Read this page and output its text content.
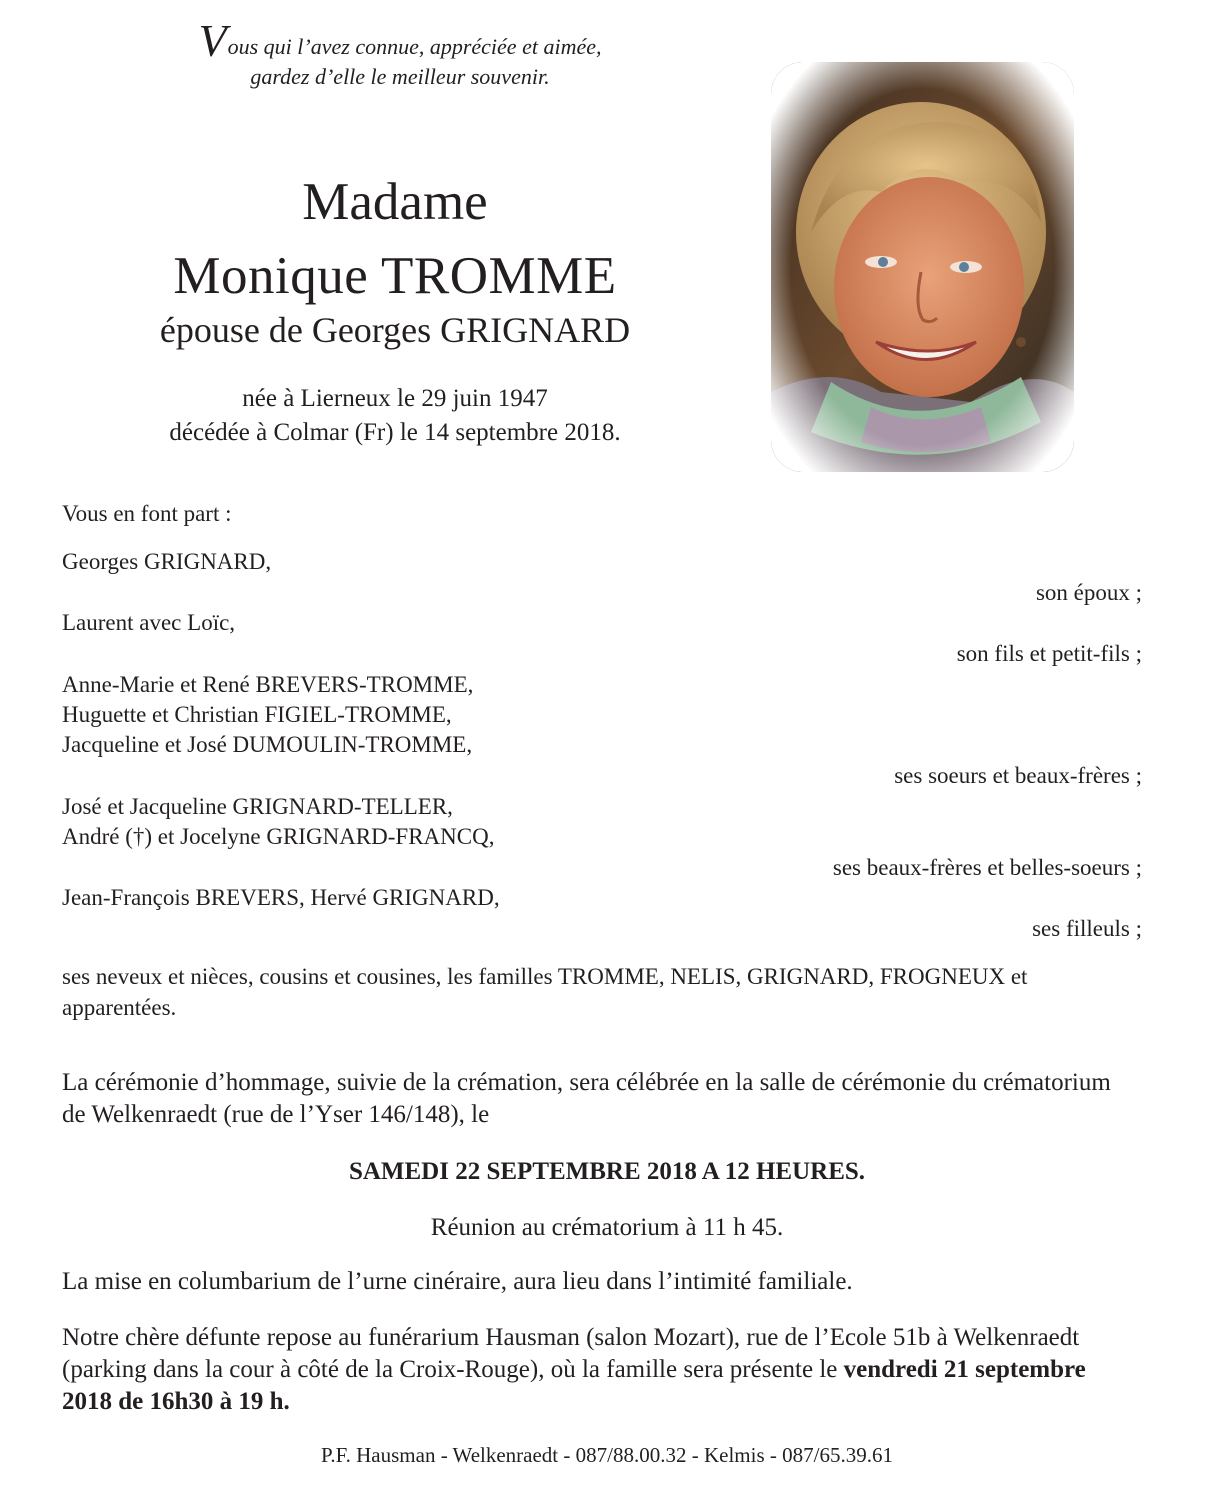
Vous qui l’avez connue, appréciée et aimée,
gardez d’elle le meilleur souvenir.
Madame
Monique TROMME
épouse de Georges GRIGNARD
née à Lierneux le 29 juin 1947
décédée à Colmar (Fr) le 14 septembre 2018.
Vous en font part :
Georges GRIGNARD,
son époux ;
Laurent avec Loïc,
son fils et petit-fils ;
Anne-Marie et René BREVERS-TROMME,
Huguette et Christian FIGIEL-TROMME,
Jacqueline et José DUMOULIN-TROMME,
ses soeurs et beaux-frères ;
José et Jacqueline GRIGNARD-TELLER,
André (†) et Jocelyne GRIGNARD-FRANCQ,
ses beaux-frères et belles-soeurs ;
Jean-François BREVERS, Hervé GRIGNARD,
ses filleuls ;
ses neveux et nièces, cousins et cousines, les familles TROMME, NELIS, GRIGNARD, FROGNEUX et apparentées.
La cérémonie d’hommage, suivie de la crémation, sera célébrée en la salle de cérémonie du crématorium de Welkenraedt (rue de l’Yser 146/148), le
SAMEDI 22 SEPTEMBRE 2018 A 12 HEURES.
Réunion au crématorium à 11 h 45.
La mise en columbarium de l’urne cinéraire, aura lieu dans l’intimité familiale.
Notre chère défunte repose au funérarium Hausman (salon Mozart), rue de l’Ecole 51b à Welkenraedt (parking dans la cour à côté de la Croix-Rouge), où la famille sera présente le vendredi 21 septembre 2018 de 16h30 à 19 h.
P.F. Hausman - Welkenraedt - 087/88.00.32 - Kelmis - 087/65.39.61
